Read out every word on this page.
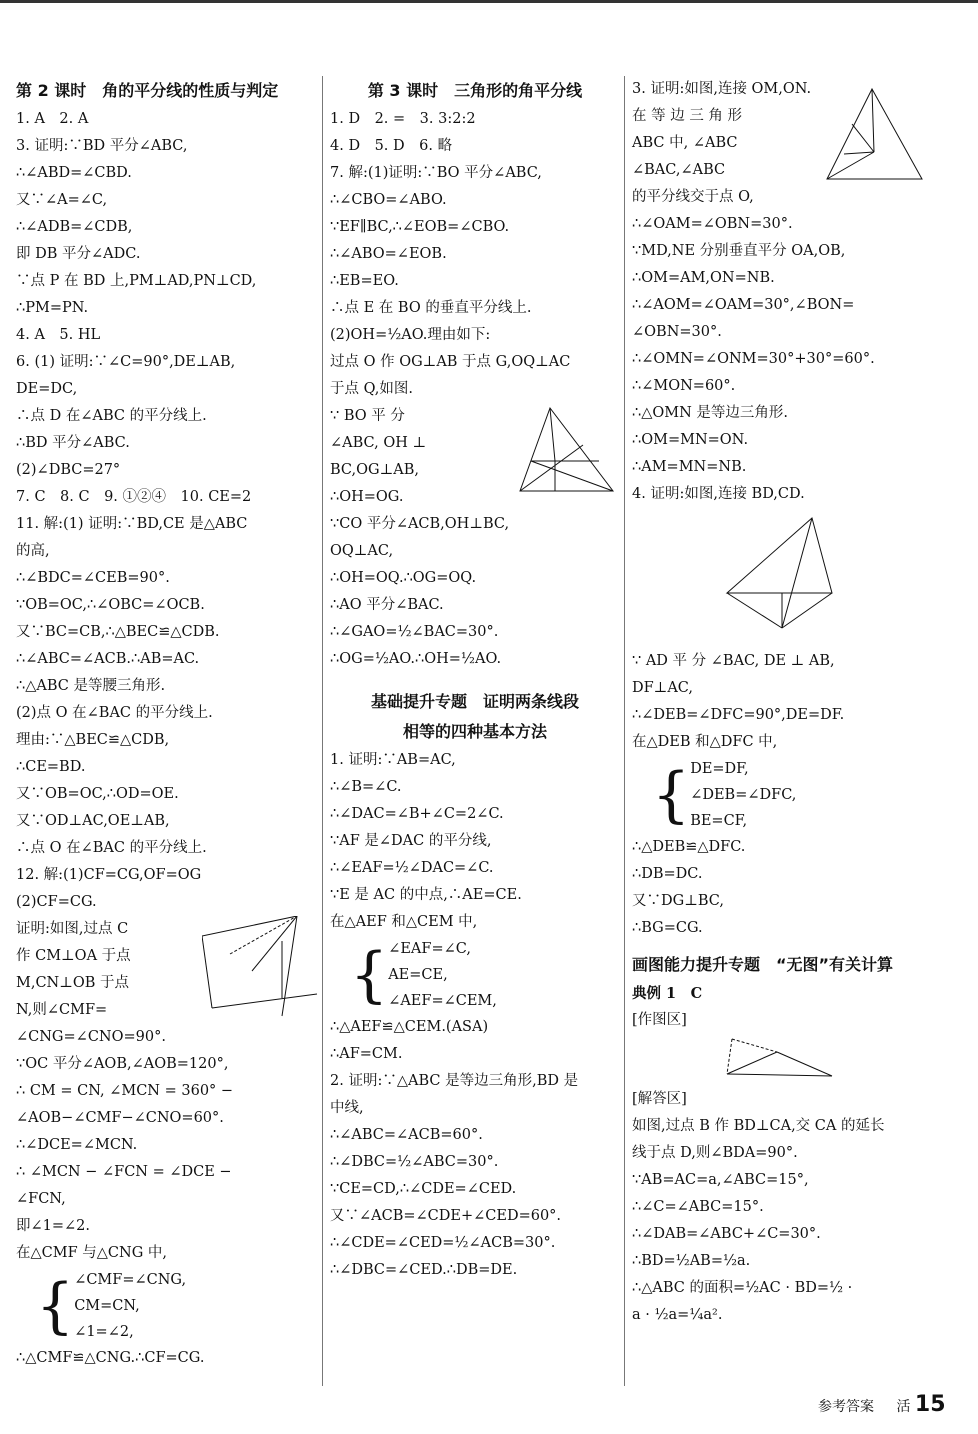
第 2 课时　角的平分线的性质与判定
1. A　2. A
3. 证明:∵BD 平分∠ABC,
∴∠ABD=∠CBD.
又∵∠A=∠C,
∴∠ADB=∠CDB,
即 DB 平分∠ADC.
∵点 P 在 BD 上,PM⊥AD,PN⊥CD,
∴PM=PN.
4. A　5. HL
6. (1) 证明:∵∠C=90°,DE⊥AB,
DE=DC,
∴点 D 在∠ABC 的平分线上.
∴BD 平分∠ABC.
(2)∠DBC=27°
7. C　8. C　9. ①②④　10. CE=2
11. 解:(1) 证明:∵BD,CE 是△ABC
的高,
∴∠BDC=∠CEB=90°.
∵OB=OC,∴∠OBC=∠OCB.
又∵BC=CB,∴△BEC≌△CDB.
∴∠ABC=∠ACB.∴AB=AC.
∴△ABC 是等腰三角形.
(2)点 O 在∠BAC 的平分线上.
理由:∵△BEC≌△CDB,
∴CE=BD.
又∵OB=OC,∴OD=OE.
又∵OD⊥AC,OE⊥AB,
∴点 O 在∠BAC 的平分线上.
12. 解:(1)CF=CG,OF=OG
(2)CF=CG.
证明:如图,过点 C
作 CM⊥OA 于点
M,CN⊥OB 于点
N,则∠CMF=
∠CNG=∠CNO=90°.
∵OC 平分∠AOB,∠AOB=120°,
∴ CM = CN, ∠MCN = 360° −
∠AOB−∠CMF−∠CNO=60°.
∴∠DCE=∠MCN.
∴ ∠MCN − ∠FCN = ∠DCE −
∠FCN,
即∠1=∠2.
在△CMF 与△CNG 中,
{ ∠CMF=∠CNG,
CM=CN,
∠1=∠2,
∴△CMF≌△CNG.∴CF=CG.
第 3 课时　三角形的角平分线
1. D　2. =　3. 3:2:2
4. D　5. D　6. 略
7. 解:(1)证明:∵BO 平分∠ABC,
∴∠CBO=∠ABO.
∵EF∥BC,∴∠EOB=∠CBO.
∴∠ABO=∠EOB.
∴EB=EO.
∴点 E 在 BO 的垂直平分线上.
(2)OH=½AO.理由如下:
过点 O 作 OG⊥AB 于点 G,OQ⊥AC
于点 Q,如图.
∵ BO 平 分
∠ABC, OH ⊥
BC,OG⊥AB,
∴OH=OG.
∵CO 平分∠ACB,OH⊥BC,
OQ⊥AC,
∴OH=OQ.∴OG=OQ.
∴AO 平分∠BAC.
∴∠GAO=½∠BAC=30°.
∴OG=½AO.∴OH=½AO.
基础提升专题　证明两条线段
相等的四种基本方法
1. 证明:∵AB=AC,
∴∠B=∠C.
∴∠DAC=∠B+∠C=2∠C.
∵AF 是∠DAC 的平分线,
∴∠EAF=½∠DAC=∠C.
∵E 是 AC 的中点,∴AE=CE.
在△AEF 和△CEM 中,
{ ∠EAF=∠C,
AE=CE,
∠AEF=∠CEM,
∴△AEF≌△CEM.(ASA)
∴AF=CM.
2. 证明:∵△ABC 是等边三角形,BD 是
中线,
∴∠ABC=∠ACB=60°.
∴∠DBC=½∠ABC=30°.
∵CE=CD,∴∠CDE=∠CED.
又∵∠ACB=∠CDE+∠CED=60°.
∴∠CDE=∠CED=½∠ACB=30°.
∴∠DBC=∠CED.∴DB=DE.
3. 证明:如图,连接 OM,ON.
在 等 边 三 角 形
ABC 中, ∠ABC
∠BAC,∠ABC
的平分线交于点 O,
∴∠OAM=∠OBN=30°.
∵MD,NE 分别垂直平分 OA,OB,
∴OM=AM,ON=NB.
∴∠AOM=∠OAM=30°,∠BON=
∠OBN=30°.
∴∠OMN=∠ONM=30°+30°=60°.
∴∠MON=60°.
∴△OMN 是等边三角形.
∴OM=MN=ON.
∴AM=MN=NB.
4. 证明:如图,连接 BD,CD.
∵ AD 平 分 ∠BAC, DE ⊥ AB,
DF⊥AC,
∴∠DEB=∠DFC=90°,DE=DF.
在△DEB 和△DFC 中,
{ DE=DF,
∠DEB=∠DFC,
BE=CF,
∴△DEB≌△DFC.
∴DB=DC.
又∵DG⊥BC,
∴BG=CG.
画图能力提升专题　“无图”有关计算
典例 1　C
[作图区]
[解答区]
如图,过点 B 作 BD⊥CA,交 CA 的延长
线于点 D,则∠BDA=90°.
∵AB=AC=a,∠ABC=15°,
∴∠C=∠ABC=15°.
∴∠DAB=∠ABC+∠C=30°.
∴BD=½AB=½a.
∴△ABC 的面积=½AC · BD=½ ·
a · ½a=¼a².
参考答案 活 15
